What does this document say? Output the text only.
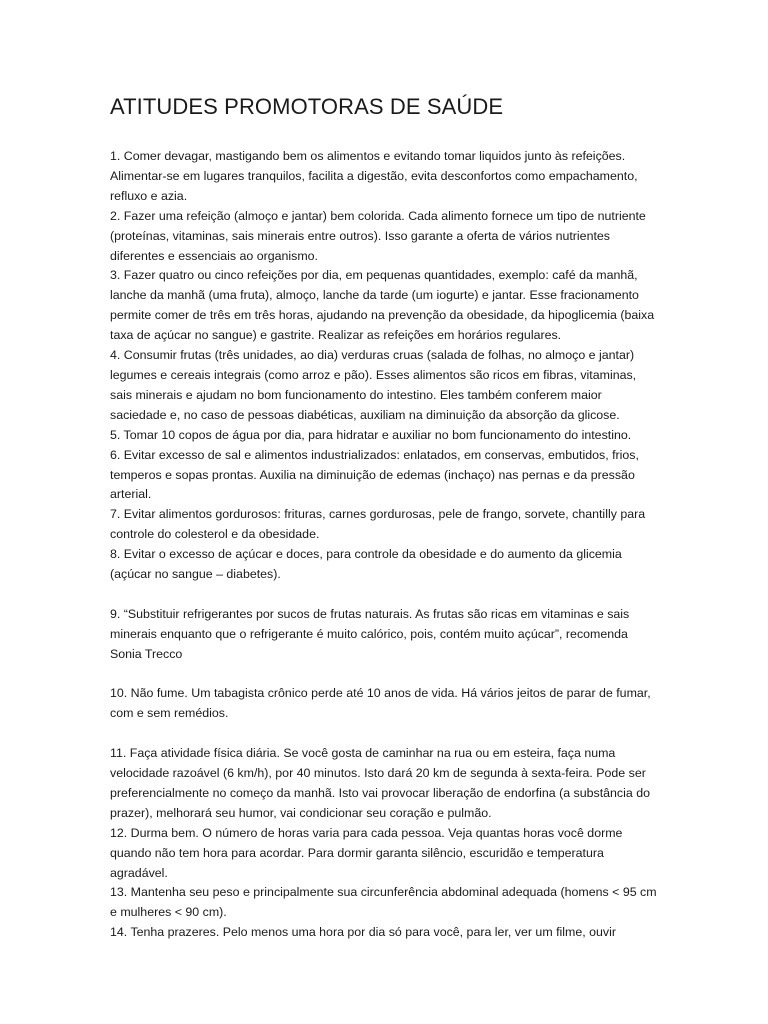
ATITUDES PROMOTORAS DE SAÚDE

1. Comer devagar, mastigando bem os alimentos e evitando tomar liquidos junto às refeições. Alimentar-se em lugares tranquilos, facilita a digestão, evita desconfortos como empachamento, refluxo e azia.

2. Fazer uma refeição (almoço e jantar) bem colorida. Cada alimento fornece um tipo de nutriente (proteínas, vitaminas, sais minerais entre outros). Isso garante a oferta de vários nutrientes diferentes e essenciais ao organismo.

3. Fazer quatro ou cinco refeições por dia, em pequenas quantidades, exemplo: café da manhã, lanche da manhã (uma fruta), almoço, lanche da tarde (um iogurte) e jantar. Esse fracionamento permite comer de três em três horas, ajudando na prevenção da obesidade, da hipoglicemia (baixa taxa de açúcar no sangue) e gastrite. Realizar as refeições em horários regulares.

4. Consumir frutas (três unidades, ao dia) verduras cruas (salada de folhas, no almoço e jantar) legumes e cereais integrais (como arroz e pão). Esses alimentos são ricos em fibras, vitaminas, sais minerais e ajudam no bom funcionamento do intestino. Eles também conferem maior saciedade e, no caso de pessoas diabéticas, auxiliam na diminuição da absorção da glicose.

5. Tomar 10 copos de água por dia, para hidratar e auxiliar no bom funcionamento do intestino.

6. Evitar excesso de sal e alimentos industrializados: enlatados, em conservas, embutidos, frios, temperos e sopas prontas. Auxilia na diminuição de edemas (inchaço) nas pernas e da pressão arterial.

7. Evitar alimentos gordurosos: frituras, carnes gordurosas, pele de frango, sorvete, chantilly para controle do colesterol e da obesidade.

8. Evitar o excesso de açúcar e doces, para controle da obesidade e do aumento da glicemia (açúcar no sangue – diabetes).

9. “Substituir refrigerantes por sucos de frutas naturais. As frutas são ricas em vitaminas e sais minerais enquanto que o refrigerante é muito calórico, pois, contém muito açúcar”, recomenda Sonia Trecco

10. Não fume. Um tabagista crônico perde até 10 anos de vida. Há vários jeitos de parar de fumar, com e sem remédios.

11. Faça atividade física diária. Se você gosta de caminhar na rua ou em esteira, faça numa velocidade razoável (6 km/h), por 40 minutos. Isto dará 20 km de segunda à sexta-feira. Pode ser preferencialmente no começo da manhã. Isto vai provocar liberação de endorfina (a substância do prazer), melhorará seu humor, vai condicionar seu coração e pulmão.

12. Durma bem. O número de horas varia para cada pessoa. Veja quantas horas você dorme quando não tem hora para acordar. Para dormir garanta silêncio, escuridão e temperatura agradável.

13. Mantenha seu peso e principalmente sua circunferência abdominal adequada (homens < 95 cm e mulheres < 90 cm).

14. Tenha prazeres. Pelo menos uma hora por dia só para você, para ler, ver um filme, ouvir
